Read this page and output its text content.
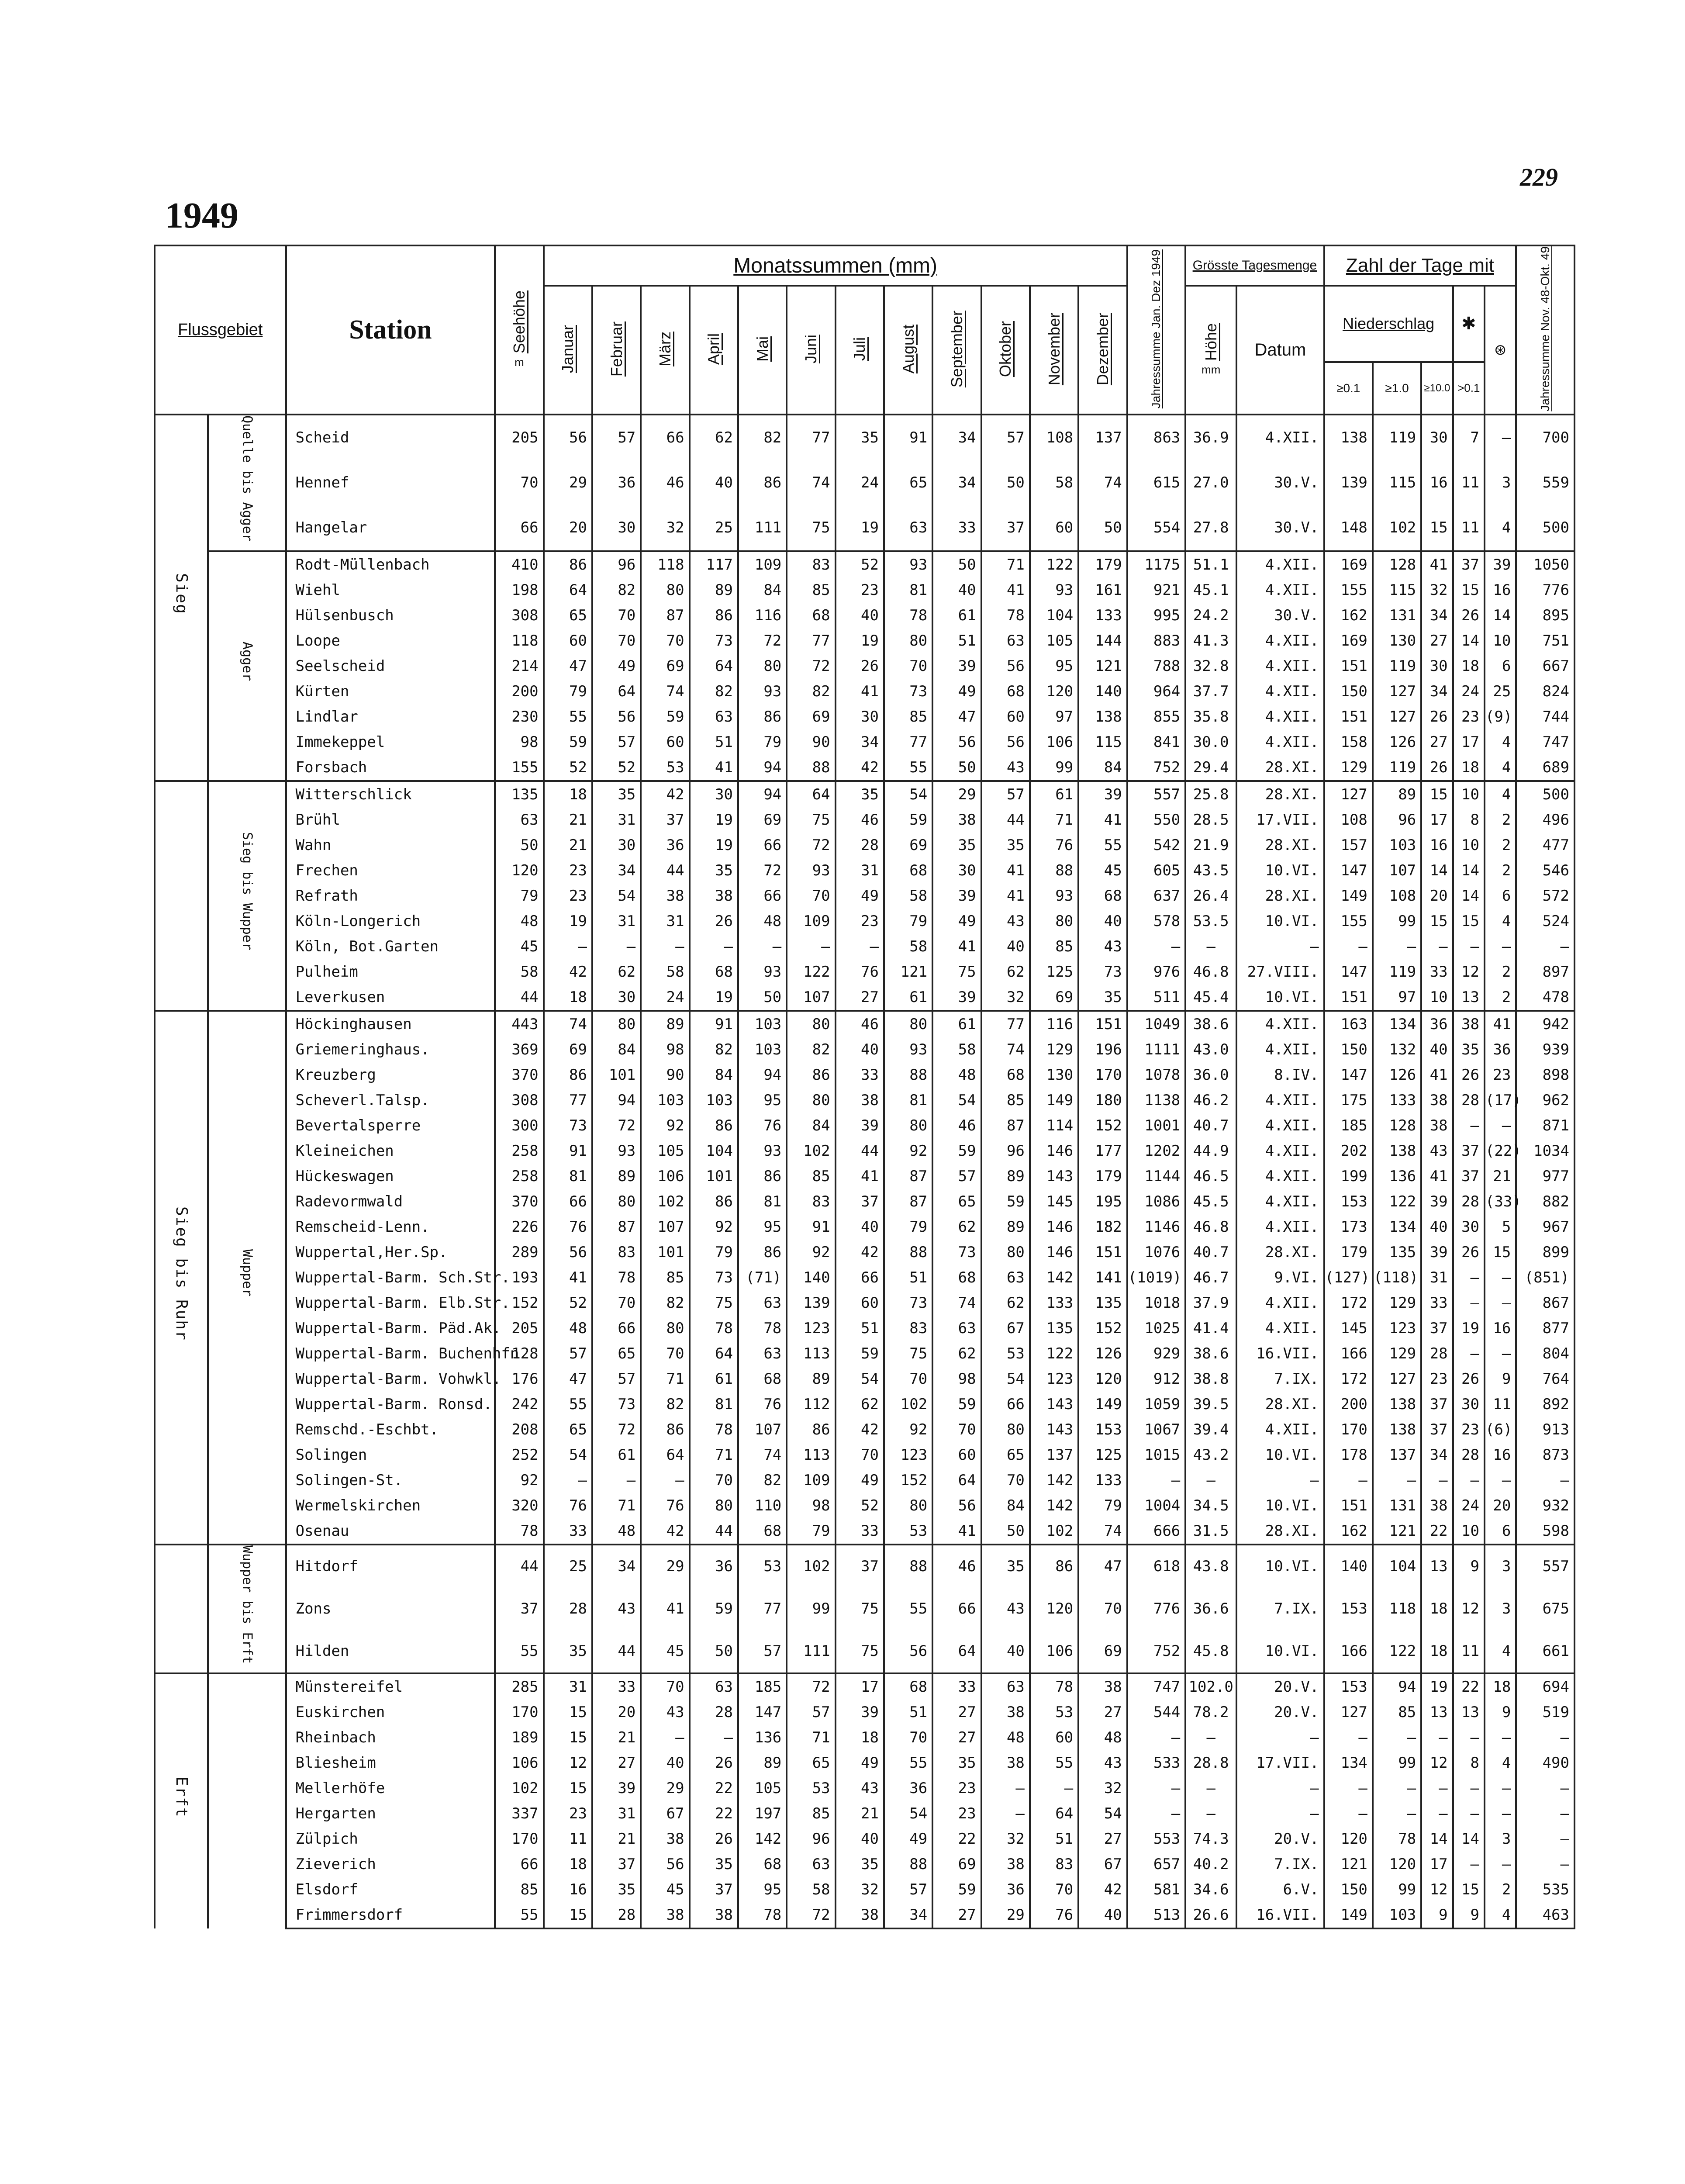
1949
229
Flussgebiet		Station	Seehöhe
m	Monatssummen (mm)												Jahressumme Jan. Dez 1949	Grösste Tagesmenge		Zahl der Tage mit					Jahressumme Nov. 48-Okt. 49
				Januar	Februar	März	April	Mai	Juni	Juli	August	September	Oktober	November	Dezember		Höhe
mm	Datum	Niederschlag			✱	⊛	
																			≥0.1	≥1.0	≥10.0	>0.1		
Sieg	Quelle bis Agger	Scheid	205	56	57	66	62	82	77	35	91	34	57	108	137	863	36.9	4.XII.	138	119	30	7	—	700
		Hennef	70	29	36	46	40	86	74	24	65	34	50	58	74	615	27.0	30.V.	139	115	16	11	3	559
		Hangelar	66	20	30	32	25	111	75	19	63	33	37	60	50	554	27.8	30.V.	148	102	15	11	4	500
	Agger	Rodt-Müllenbach	410	86	96	118	117	109	83	52	93	50	71	122	179	1175	51.1	4.XII.	169	128	41	37	39	1050
		Wiehl	198	64	82	80	89	84	85	23	81	40	41	93	161	921	45.1	4.XII.	155	115	32	15	16	776
		Hülsenbusch	308	65	70	87	86	116	68	40	78	61	78	104	133	995	24.2	30.V.	162	131	34	26	14	895
		Loope	118	60	70	70	73	72	77	19	80	51	63	105	144	883	41.3	4.XII.	169	130	27	14	10	751
		Seelscheid	214	47	49	69	64	80	72	26	70	39	56	95	121	788	32.8	4.XII.	151	119	30	18	6	667
		Kürten	200	79	64	74	82	93	82	41	73	49	68	120	140	964	37.7	4.XII.	150	127	34	24	25	824
		Lindlar	230	55	56	59	63	86	69	30	85	47	60	97	138	855	35.8	4.XII.	151	127	26	23	(9)	744
		Immekeppel	98	59	57	60	51	79	90	34	77	56	56	106	115	841	30.0	4.XII.	158	126	27	17	4	747
		Forsbach	155	52	52	53	41	94	88	42	55	50	43	99	84	752	29.4	28.XI.	129	119	26	18	4	689
	Sieg bis Wupper	Witterschlick	135	18	35	42	30	94	64	35	54	29	57	61	39	557	25.8	28.XI.	127	89	15	10	4	500
		Brühl	63	21	31	37	19	69	75	46	59	38	44	71	41	550	28.5	17.VII.	108	96	17	8	2	496
		Wahn	50	21	30	36	19	66	72	28	69	35	35	76	55	542	21.9	28.XI.	157	103	16	10	2	477
		Frechen	120	23	34	44	35	72	93	31	68	30	41	88	45	605	43.5	10.VI.	147	107	14	14	2	546
		Refrath	79	23	54	38	38	66	70	49	58	39	41	93	68	637	26.4	28.XI.	149	108	20	14	6	572
		Köln-Longerich	48	19	31	31	26	48	109	23	79	49	43	80	40	578	53.5	10.VI.	155	99	15	15	4	524
		Köln, Bot.Garten	45	—	—	—	—	—	—	—	58	41	40	85	43	—	—	—	—	—	—	—	—	—
		Pulheim	58	42	62	58	68	93	122	76	121	75	62	125	73	976	46.8	27.VIII.	147	119	33	12	2	897
		Leverkusen	44	18	30	24	19	50	107	27	61	39	32	69	35	511	45.4	10.VI.	151	97	10	13	2	478
Sieg bis Ruhr	Wupper	Höckinghausen	443	74	80	89	91	103	80	46	80	61	77	116	151	1049	38.6	4.XII.	163	134	36	38	41	942
		Griemeringhaus.	369	69	84	98	82	103	82	40	93	58	74	129	196	1111	43.0	4.XII.	150	132	40	35	36	939
		Kreuzberg	370	86	101	90	84	94	86	33	88	48	68	130	170	1078	36.0	8.IV.	147	126	41	26	23	898
		Scheverl.Talsp.	308	77	94	103	103	95	80	38	81	54	85	149	180	1138	46.2	4.XII.	175	133	38	28	(17)	962
		Bevertalsperre	300	73	72	92	86	76	84	39	80	46	87	114	152	1001	40.7	4.XII.	185	128	38	—	—	871
		Kleineichen	258	91	93	105	104	93	102	44	92	59	96	146	177	1202	44.9	4.XII.	202	138	43	37	(22)	1034
		Hückeswagen	258	81	89	106	101	86	85	41	87	57	89	143	179	1144	46.5	4.XII.	199	136	41	37	21	977
		Radevormwald	370	66	80	102	86	81	83	37	87	65	59	145	195	1086	45.5	4.XII.	153	122	39	28	(33)	882
		Remscheid-Lenn.	226	76	87	107	92	95	91	40	79	62	89	146	182	1146	46.8	4.XII.	173	134	40	30	5	967
		Wuppertal,Her.Sp.	289	56	83	101	79	86	92	42	88	73	80	146	151	1076	40.7	28.XI.	179	135	39	26	15	899
		Wuppertal-Barm. Sch.Str.	193	41	78	85	73	(71)	140	66	51	68	63	142	141	(1019)	46.7	9.VI.	(127)	(118)	31	—	—	(851)
		Wuppertal-Barm. Elb.Str.	152	52	70	82	75	63	139	60	73	74	62	133	135	1018	37.9	4.XII.	172	129	33	—	—	867
		Wuppertal-Barm. Päd.Ak.	205	48	66	80	78	78	123	51	83	63	67	135	152	1025	41.4	4.XII.	145	123	37	19	16	877
		Wuppertal-Barm. Buchenhfn	128	57	65	70	64	63	113	59	75	62	53	122	126	929	38.6	16.VII.	166	129	28	—	—	804
		Wuppertal-Barm. Vohwkl.	176	47	57	71	61	68	89	54	70	98	54	123	120	912	38.8	7.IX.	172	127	23	26	9	764
		Wuppertal-Barm. Ronsd.	242	55	73	82	81	76	112	62	102	59	66	143	149	1059	39.5	28.XI.	200	138	37	30	11	892
		Remschd.-Eschbt.	208	65	72	86	78	107	86	42	92	70	80	143	153	1067	39.4	4.XII.	170	138	37	23	(6)	913
		Solingen	252	54	61	64	71	74	113	70	123	60	65	137	125	1015	43.2	10.VI.	178	137	34	28	16	873
		Solingen-St.	92	—	—	—	70	82	109	49	152	64	70	142	133	—	—	—	—	—	—	—	—	—
		Wermelskirchen	320	76	71	76	80	110	98	52	80	56	84	142	79	1004	34.5	10.VI.	151	131	38	24	20	932
		Osenau	78	33	48	42	44	68	79	33	53	41	50	102	74	666	31.5	28.XI.	162	121	22	10	6	598
	Wupper bis Erft	Hitdorf	44	25	34	29	36	53	102	37	88	46	35	86	47	618	43.8	10.VI.	140	104	13	9	3	557
		Zons	37	28	43	41	59	77	99	75	55	66	43	120	70	776	36.6	7.IX.	153	118	18	12	3	675
		Hilden	55	35	44	45	50	57	111	75	56	64	40	106	69	752	45.8	10.VI.	166	122	18	11	4	661
Erft		Münstereifel	285	31	33	70	63	185	72	17	68	33	63	78	38	747	102.0	20.V.	153	94	19	22	18	694
		Euskirchen	170	15	20	43	28	147	57	39	51	27	38	53	27	544	78.2	20.V.	127	85	13	13	9	519
		Rheinbach	189	15	21	—	—	136	71	18	70	27	48	60	48	—	—	—	—	—	—	—	—	—
		Bliesheim	106	12	27	40	26	89	65	49	55	35	38	55	43	533	28.8	17.VII.	134	99	12	8	4	490
		Mellerhöfe	102	15	39	29	22	105	53	43	36	23	—	—	32	—	—	—	—	—	—	—	—	—
		Hergarten	337	23	31	67	22	197	85	21	54	23	—	64	54	—	—	—	—	—	—	—	—	—
		Zülpich	170	11	21	38	26	142	96	40	49	22	32	51	27	553	74.3	20.V.	120	78	14	14	3	—
		Zieverich	66	18	37	56	35	68	63	35	88	69	38	83	67	657	40.2	7.IX.	121	120	17	—	—	—
		Elsdorf	85	16	35	45	37	95	58	32	57	59	36	70	42	581	34.6	6.V.	150	99	12	15	2	535
		Frimmersdorf	55	15	28	38	38	78	72	38	34	27	29	76	40	513	26.6	16.VII.	149	103	9	9	4	463
